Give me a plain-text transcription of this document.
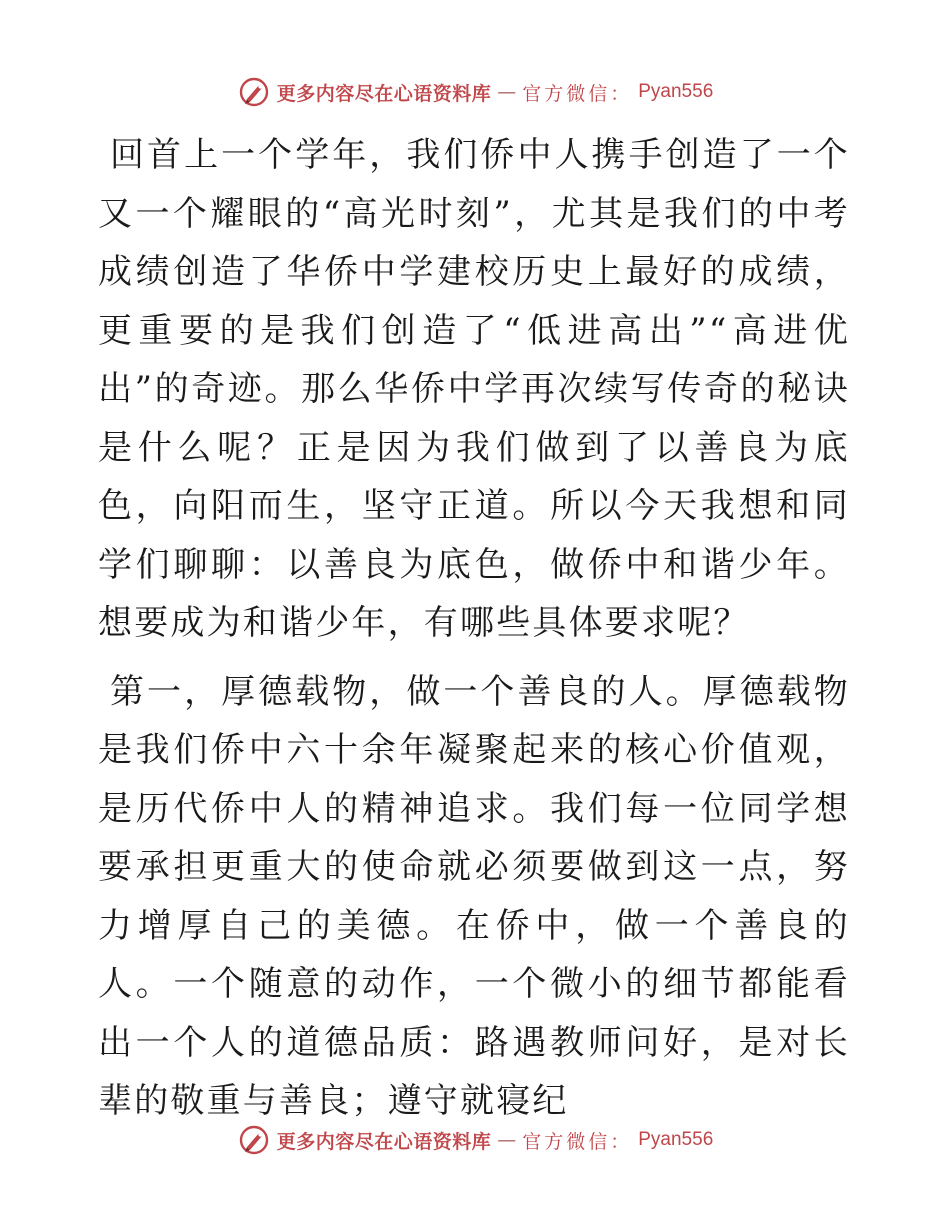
更多内容尽在心语资料库 — 官方微信： Pyan556

回首上一个学年，我们侨中人携手创造了一个又一个耀眼的“高光时刻”，尤其是我们的中考成绩创造了华侨中学建校历史上最好的成绩，更重要的是我们创造了“低进高出”“高进优出”的奇迹。那么华侨中学再次续写传奇的秘诀是什么呢？正是因为我们做到了以善良为底色，向阳而生，坚守正道。所以今天我想和同学们聊聊：以善良为底色，做侨中和谐少年。想要成为和谐少年，有哪些具体要求呢？

第一，厚德载物，做一个善良的人。厚德载物是我们侨中六十余年凝聚起来的核心价值观，是历代侨中人的精神追求。我们每一位同学想要承担更重大的使命就必须要做到这一点，努力增厚自己的美德。在侨中，做一个善良的人。一个随意的动作，一个微小的细节都能看出一个人的道德品质：路遇教师问好，是对长辈的敬重与善良；遵守就寝纪

更多内容尽在心语资料库 — 官方微信： Pyan556
